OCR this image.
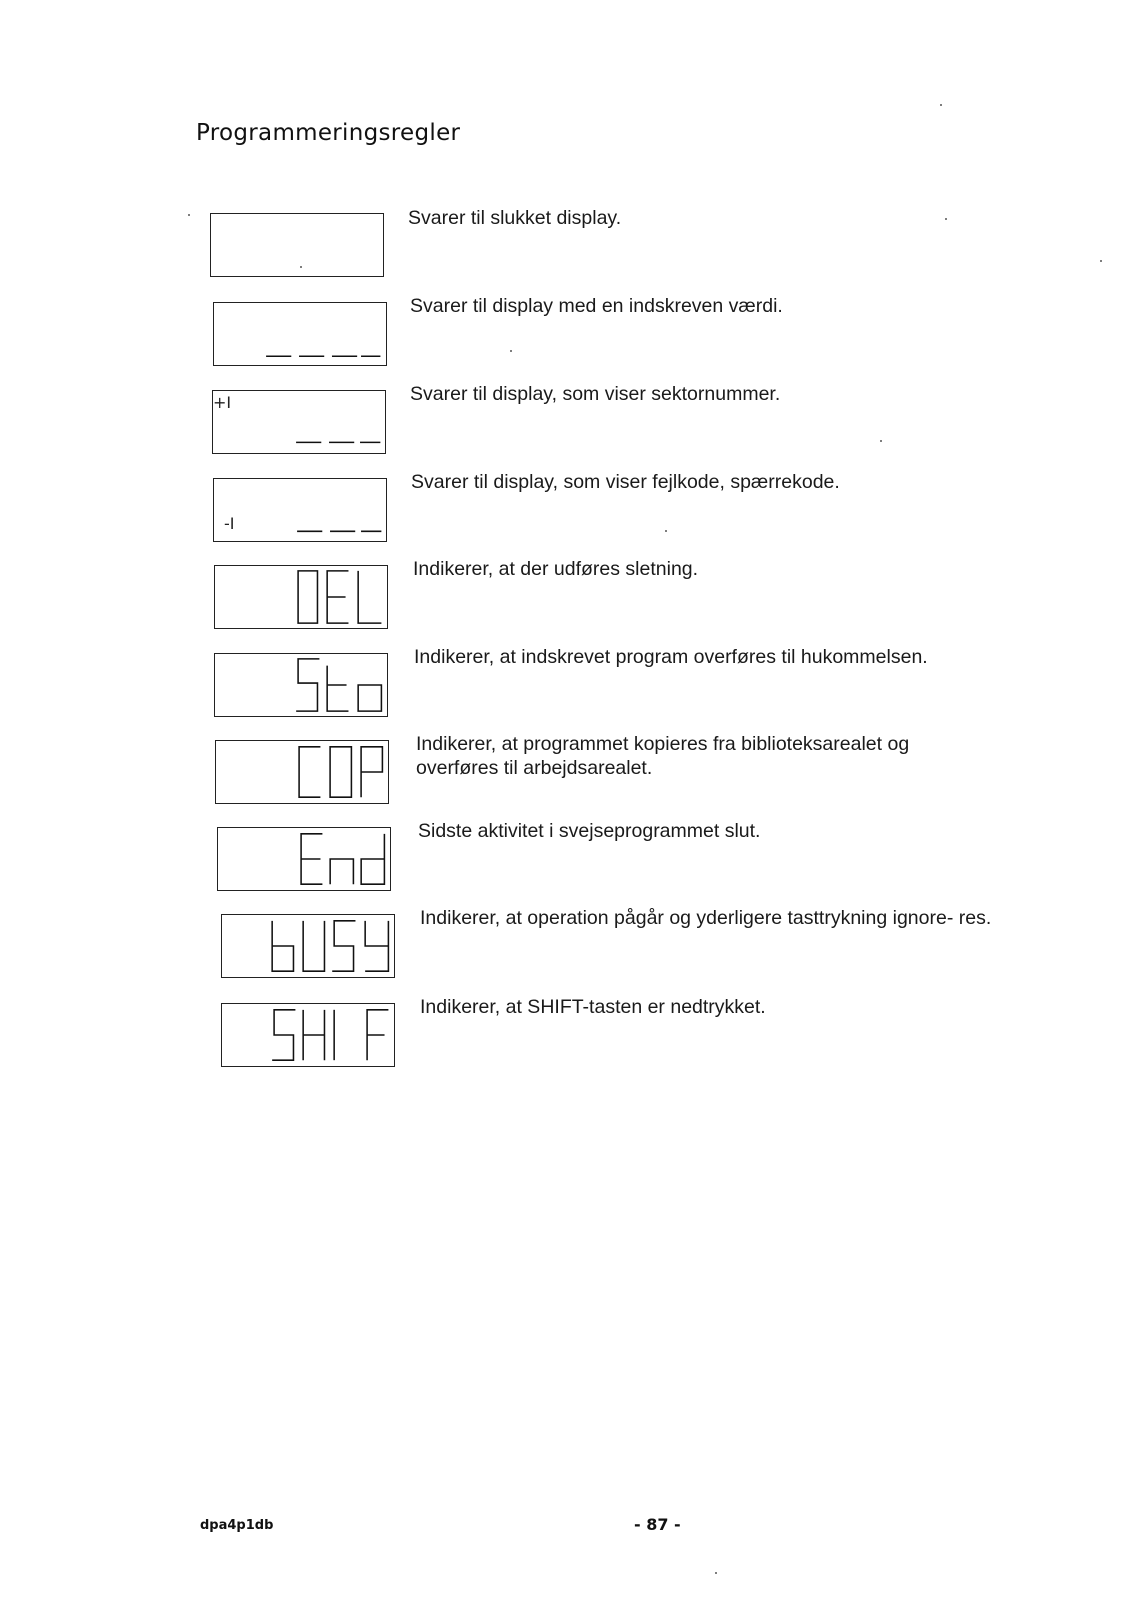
Programmeringsregler
Svarer til slukket display.
Svarer til display med en indskreven værdi.
+I	Svarer til display, som viser sektornummer.
-I
Svarer til display, som viser fejlkode, spærrekode.
Indikerer, at der udføres sletning.
Indikerer, at indskrevet program overføres til hukommelsen.
Indikerer, at programmet kopieres fra biblioteksarealet og overføres til arbejdsarealet.
Sidste aktivitet i svejseprogrammet slut.
Indikerer, at operation pågår og yderligere tasttrykning ignore- res.
Indikerer, at SHIFT-tasten er nedtrykket.
dpa4p1db	- 87 -
